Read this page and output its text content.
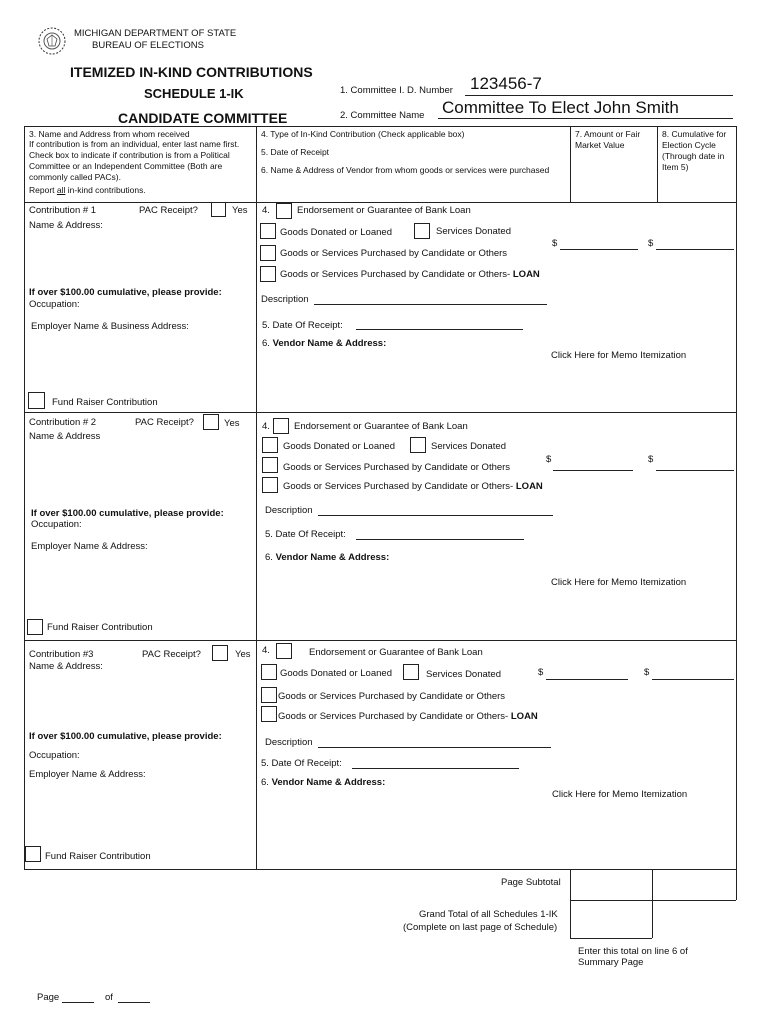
MICHIGAN DEPARTMENT OF STATE
BUREAU OF ELECTIONS
ITEMIZED IN-KIND CONTRIBUTIONS
SCHEDULE 1-IK
CANDIDATE COMMITTEE
1. Committee I. D. Number 123456-7
2. Committee Name Committee To Elect John Smith
3. Name and Address from whom received
If contribution is from an individual, enter last name first. Check box to indicate if contribution is from a Political Committee or an Independent Committee (Both are commonly called PACs).
Report all in-kind contributions.
4. Type of In-Kind Contribution (Check applicable box)
5. Date of Receipt
6. Name & Address of Vendor from whom goods or services were purchased
7. Amount or Fair Market Value
8. Cumulative for Election Cycle (Through date in Item 5)
Contribution # 1	PAC Receipt?	Yes
Name & Address:
If over $100.00 cumulative, please provide:
Occupation:
Employer Name & Business Address:
Fund Raiser Contribution
4.	Endorsement or Guarantee of Bank Loan
Goods Donated or Loaned	Services Donated
Goods or Services Purchased by Candidate or Others
Goods or Services Purchased by Candidate or Others- LOAN
$	$
Description
5. Date Of Receipt:
6. Vendor Name & Address:
Click Here for Memo Itemization
Contribution # 2	PAC Receipt?	Yes
Name & Address
If over $100.00 cumulative, please provide:
Occupation:
Employer Name & Address:
Fund Raiser Contribution
4.	Endorsement or Guarantee of Bank Loan
Goods Donated or Loaned	Services Donated
Goods or Services Purchased by Candidate or Others
Goods or Services Purchased by Candidate or Others- LOAN
$	$
Description
5. Date Of Receipt:
6. Vendor Name & Address:
Click Here for Memo Itemization
Contribution #3	PAC Receipt?	Yes
Name & Address:
If over $100.00 cumulative, please provide:
Occupation:
Employer Name & Address:
Fund Raiser Contribution
4.	Endorsement or Guarantee of Bank Loan
Goods Donated or Loaned	Services Donated
Goods or Services Purchased by Candidate or Others
Goods or Services Purchased by Candidate or Others- LOAN
$	$
Description
5. Date Of Receipt:
6. Vendor Name & Address:
Click Here for Memo Itemization
Page Subtotal
Grand Total of all Schedules 1-IK
(Complete on last page of Schedule)
Enter this total on line 6 of Summary Page
Page	of
